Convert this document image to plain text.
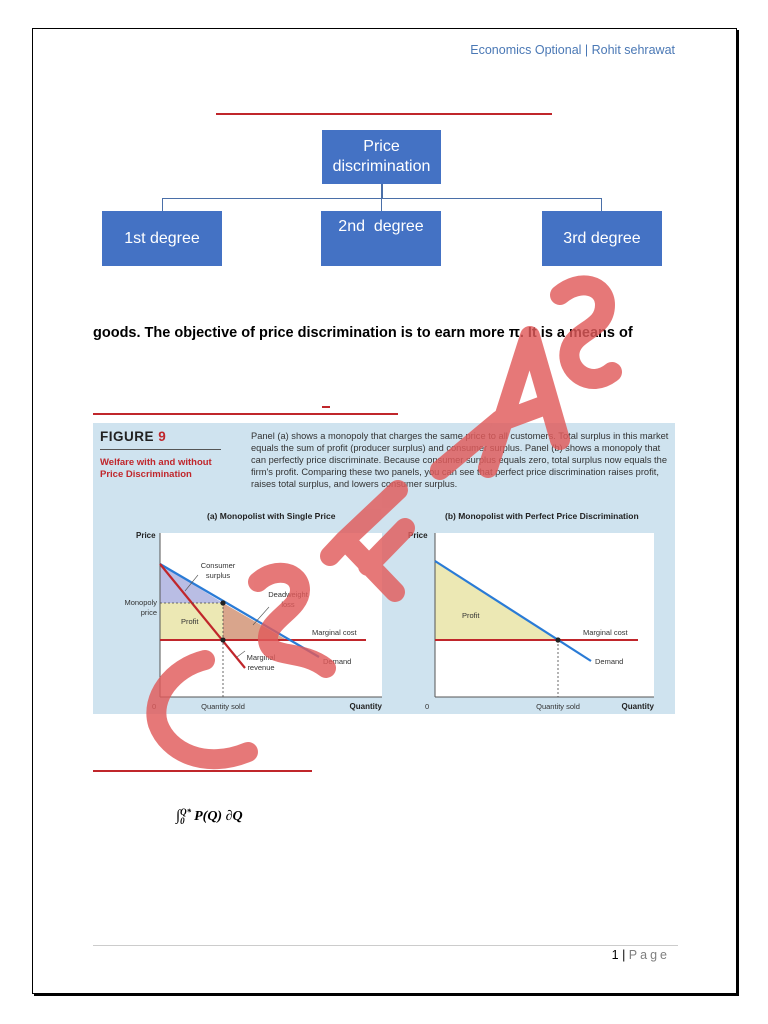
Economics Optional | Rohit sehrawat
Price discrimination
1st degree
2nd  degree
3rd degree
goods. The objective of price discrimination is to earn more π. It is a means of
FIGURE 9
Welfare with and without Price Discrimination
Panel (a) shows a monopoly that charges the same price to all customers. Total surplus in this market equals the sum of profit (producer surplus) and consumer surplus. Panel (b) shows a monopoly that can perfectly price discriminate. Because consumer surplus equals zero, total surplus now equals the firm's profit. Comparing these two panels, you can see that perfect price discrimination raises profit, raises total surplus, and lowers consumer surplus.
(a) Monopolist with Single Price	(b) Monopolist with Perfect Price Discrimination
Price
Monopoly
price
Consumer
surplus
Deadweight
loss
Profit
Marginal cost
Marginal
revenue
Demand
0	Quantity sold	Quantity
Price
Profit
Marginal cost
Demand
0	Quantity sold	Quantity
∫ Q*
0 P(Q) ∂Q
1 | Page
